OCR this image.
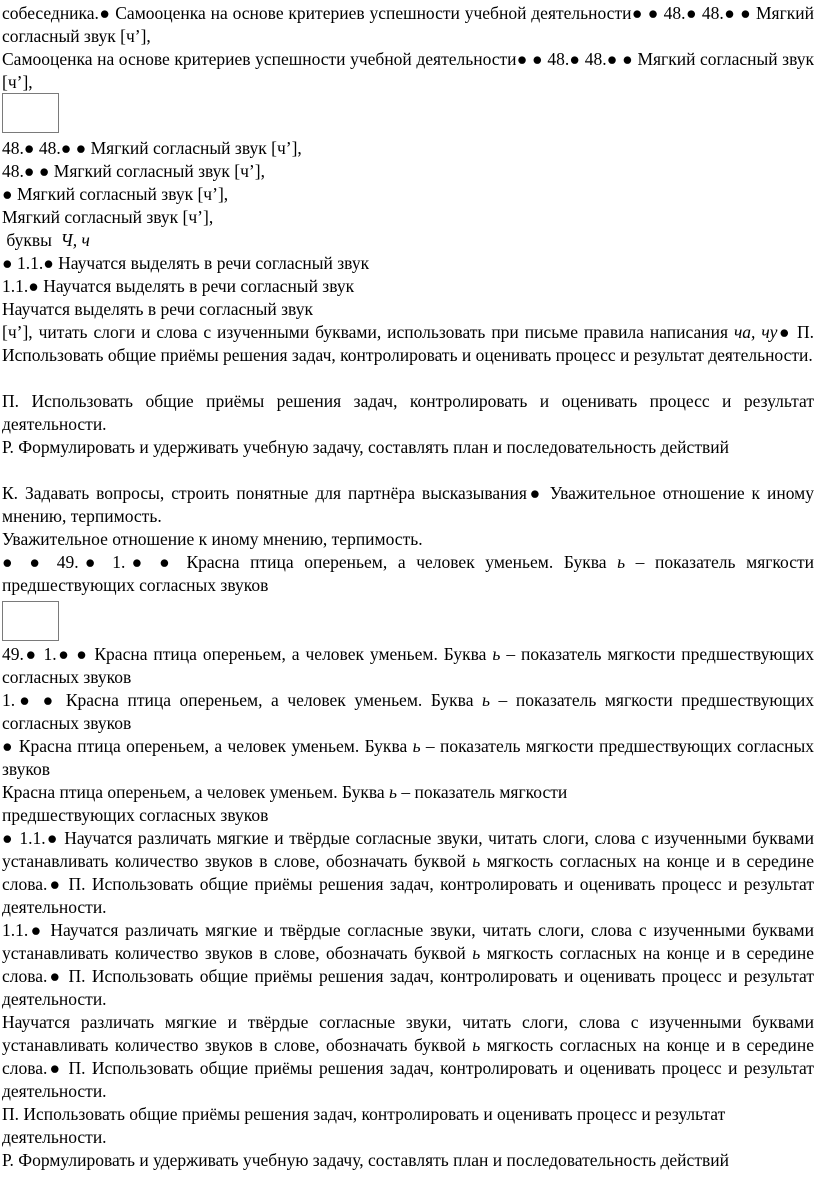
собеседника.● Самооценка на основе критериев успешности учебной деятельности● ● 48.● 48.● ● Мягкий согласный звук [ч’],

Самооценка на основе критериев успешности учебной деятельности● ● 48.● 48.● ● Мягкий согласный звук [ч’],

48.● 48.● ● Мягкий согласный звук [ч’],

48.● ● Мягкий согласный звук [ч’],

● Мягкий согласный звук [ч’],

Мягкий согласный звук [ч’],

буквы  Ч, ч

● 1.1.● Научатся выделять в речи согласный звук

1.1.● Научатся выделять в речи согласный звук

Научатся выделять в речи согласный звук

[ч’], читать слоги и слова с изученными буквами, использовать при письме правила написания ча, чу● П. Использовать общие приёмы решения задач, контролировать и оценивать процесс и результат деятельности.

П. Использовать общие приёмы решения задач, контролировать и оценивать процесс и результат деятельности.

Р. Формулировать и удерживать учебную задачу, составлять план и последовательность действий

К. Задавать вопросы, строить понятные для партнёра высказывания● Уважительное отношение к иному мнению, терпимость.

Уважительное отношение к иному мнению, терпимость.

● ● 49.● 1.● ● Красна птица опереньем, а человек уменьем. Буква ь – показатель мягкости предшествующих согласных звуков

49.● 1.● ● Красна птица опереньем, а человек уменьем. Буква ь – показатель мягкости предшествующих согласных звуков

1.● ● Красна птица опереньем, а человек уменьем. Буква ь – показатель мягкости предшествующих согласных звуков

● Красна птица опереньем, а человек уменьем. Буква ь – показатель мягкости предшествующих согласных звуков

Красна птица опереньем, а человек уменьем. Буква ь – показатель мягкости
предшествующих согласных звуков

● 1.1.● Научатся различать мягкие и твёрдые согласные звуки, читать слоги, слова с изученными буквами устанавливать количество звуков в слове, обозначать буквой ь мягкость согласных на конце и в середине слова.● П. Использовать общие приёмы решения задач, контролировать и оценивать процесс и результат деятельности.

1.1.● Научатся различать мягкие и твёрдые согласные звуки, читать слоги, слова с изученными буквами устанавливать количество звуков в слове, обозначать буквой ь мягкость согласных на конце и в середине слова.● П. Использовать общие приёмы решения задач, контролировать и оценивать процесс и результат деятельности.

Научатся различать мягкие и твёрдые согласные звуки, читать слоги, слова с изученными буквами устанавливать количество звуков в слове, обозначать буквой ь мягкость согласных на конце и в середине слова.● П. Использовать общие приёмы решения задач, контролировать и оценивать процесс и результат деятельности.

П. Использовать общие приёмы решения задач, контролировать и оценивать процесс и результат деятельности.

Р. Формулировать и удерживать учебную задачу, составлять план и последовательность действий
